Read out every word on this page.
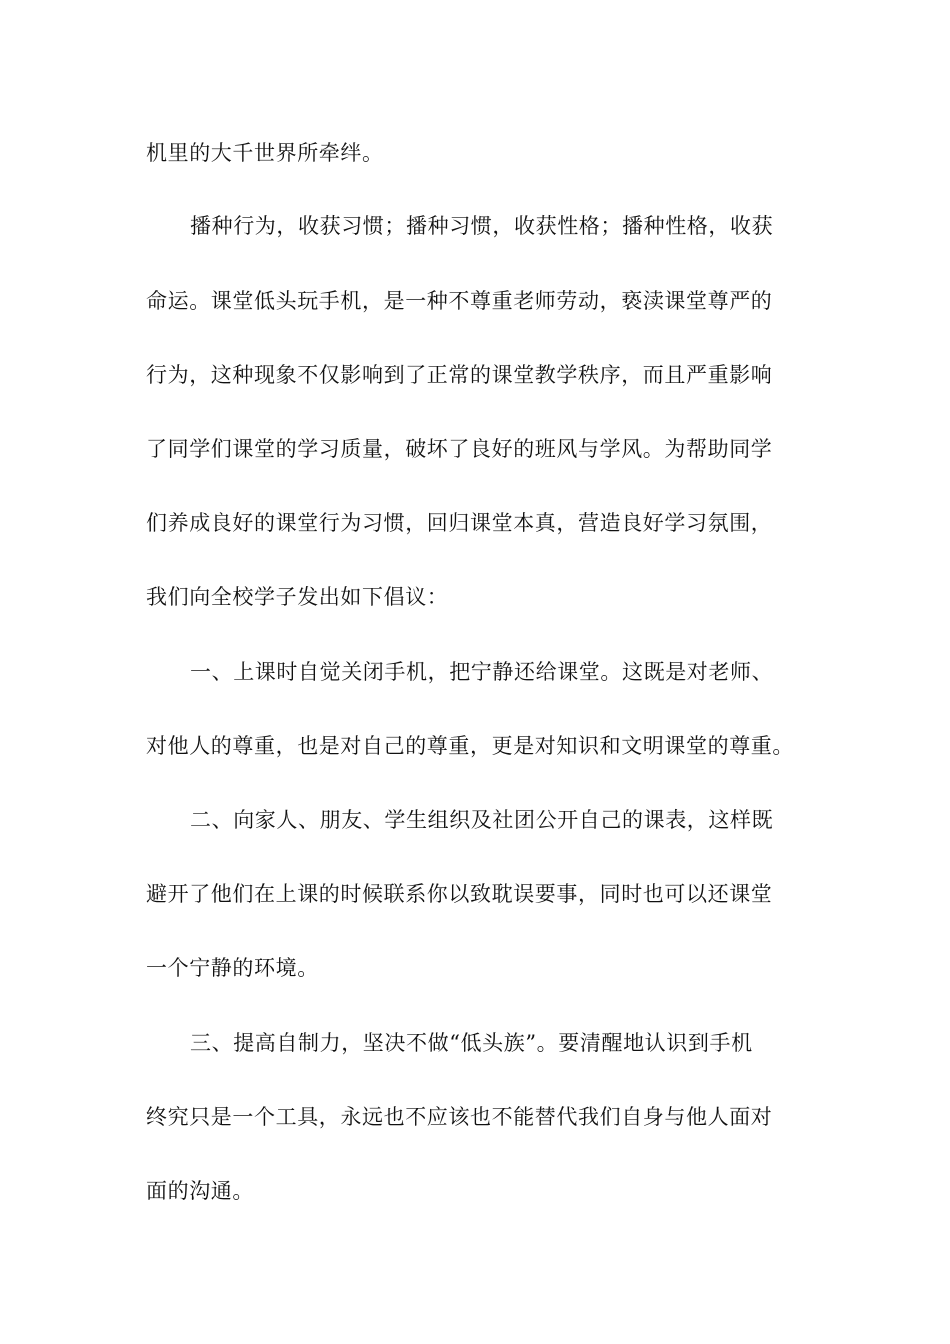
机里的大千世界所牵绊。
播种行为，收获习惯；播种习惯，收获性格；播种性格，收获
命运。课堂低头玩手机，是一种不尊重老师劳动，亵渎课堂尊严的
行为，这种现象不仅影响到了正常的课堂教学秩序，而且严重影响
了同学们课堂的学习质量，破坏了良好的班风与学风。为帮助同学
们养成良好的课堂行为习惯，回归课堂本真，营造良好学习氛围，
我们向全校学子发出如下倡议：
一、上课时自觉关闭手机，把宁静还给课堂。这既是对老师、
对他人的尊重，也是对自己的尊重，更是对知识和文明课堂的尊重。
二、向家人、朋友、学生组织及社团公开自己的课表，这样既
避开了他们在上课的时候联系你以致耽误要事，同时也可以还课堂
一个宁静的环境。
三、提高自制力，坚决不做“低头族”。要清醒地认识到手机
终究只是一个工具，永远也不应该也不能替代我们自身与他人面对
面的沟通。
